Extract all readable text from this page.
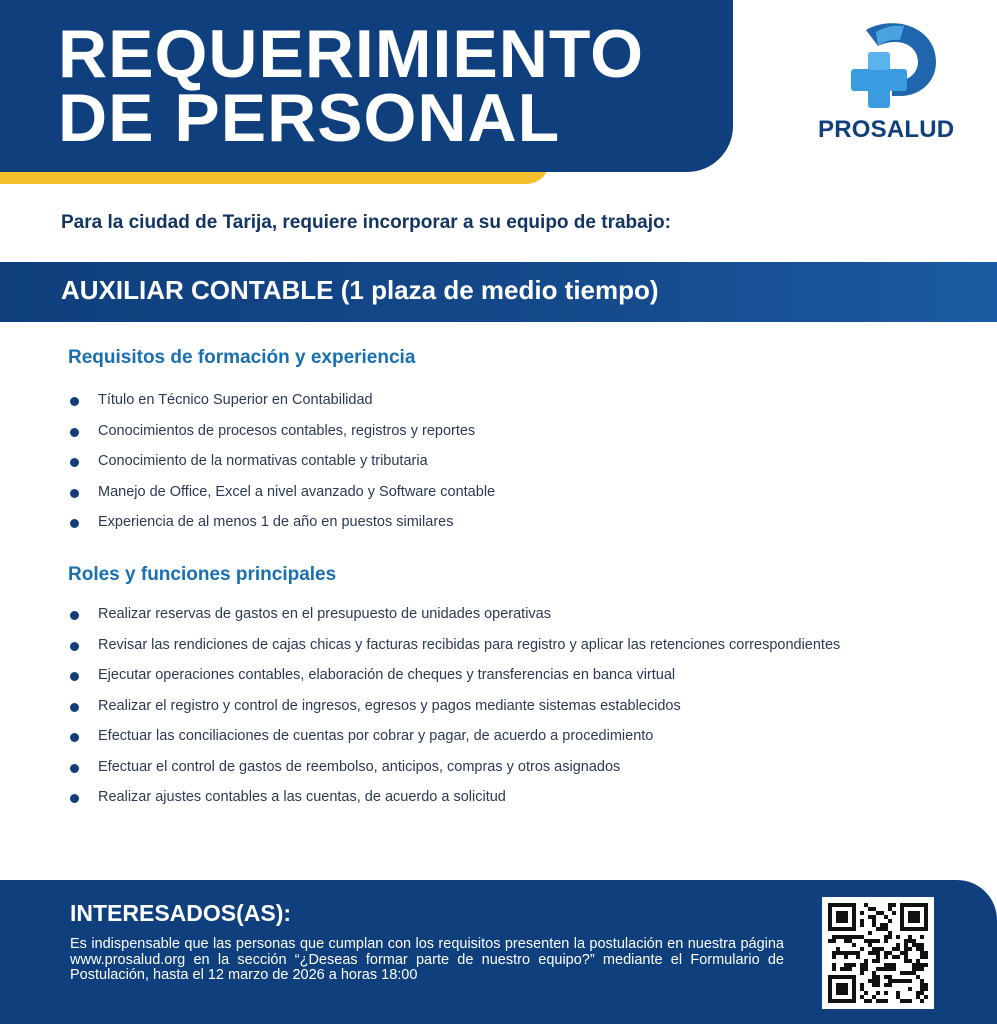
REQUERIMIENTO
DE PERSONAL	PROSALUD

Para la ciudad de Tarija, requiere incorporar a su equipo de trabajo:

AUXILIAR CONTABLE (1 plaza de medio tiempo)
Requisitos de formación y experiencia
Título en Técnico Superior en Contabilidad
Conocimientos de procesos contables, registros y reportes
Conocimiento de la normativas contable y tributaria
Manejo de Office, Excel a nivel avanzado y Software contable
Experiencia de al menos 1 de año en puestos similares
Roles y funciones principales
Realizar reservas de gastos en el presupuesto de unidades operativas
Revisar las rendiciones de cajas chicas y facturas recibidas para registro y aplicar las retenciones correspondientes
Ejecutar operaciones contables, elaboración de cheques y transferencias en banca virtual
Realizar el registro y control de ingresos, egresos y pagos mediante sistemas establecidos
Efectuar las conciliaciones de cuentas por cobrar y pagar, de acuerdo a procedimiento
Efectuar el control de gastos de reembolso, anticipos, compras y otros asignados
Realizar ajustes contables a las cuentas, de acuerdo a solicitud
INTERESADOS(AS):

Es indispensable que las personas que cumplan con los requisitos presenten la postulación en nuestra página www.prosalud.org en la sección “¿Deseas formar parte de nuestro equipo?” mediante el Formulario de Postulación, hasta el 12 marzo de 2026 a horas 18:00
